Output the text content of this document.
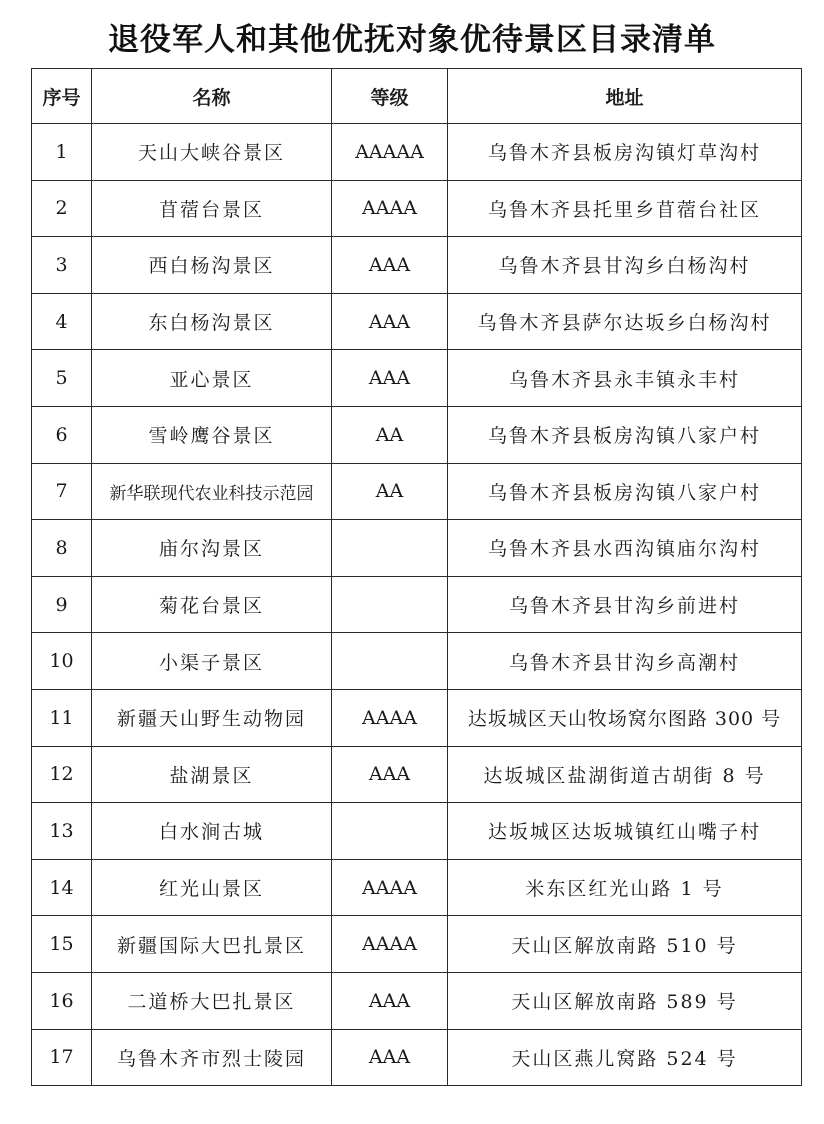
退役军人和其他优抚对象优待景区目录清单
序号	名称	等级	地址
1	天山大峡谷景区	AAAAA	乌鲁木齐县板房沟镇灯草沟村
2	苜蓿台景区	AAAA	乌鲁木齐县托里乡苜蓿台社区
3	西白杨沟景区	AAA	乌鲁木齐县甘沟乡白杨沟村
4	东白杨沟景区	AAA	乌鲁木齐县萨尔达坂乡白杨沟村
5	亚心景区	AAA	乌鲁木齐县永丰镇永丰村
6	雪岭鹰谷景区	AA	乌鲁木齐县板房沟镇八家户村
7	新华联现代农业科技示范园	AA	乌鲁木齐县板房沟镇八家户村
8	庙尔沟景区		乌鲁木齐县水西沟镇庙尔沟村
9	菊花台景区		乌鲁木齐县甘沟乡前进村
10	小渠子景区		乌鲁木齐县甘沟乡高潮村
11	新疆天山野生动物园	AAAA	达坂城区天山牧场窝尔图路 300 号
12	盐湖景区	AAA	达坂城区盐湖街道古胡街 8 号
13	白水涧古城		达坂城区达坂城镇红山嘴子村
14	红光山景区	AAAA	米东区红光山路 1 号
15	新疆国际大巴扎景区	AAAA	天山区解放南路 510 号
16	二道桥大巴扎景区	AAA	天山区解放南路 589 号
17	乌鲁木齐市烈士陵园	AAA	天山区燕儿窝路 524 号
